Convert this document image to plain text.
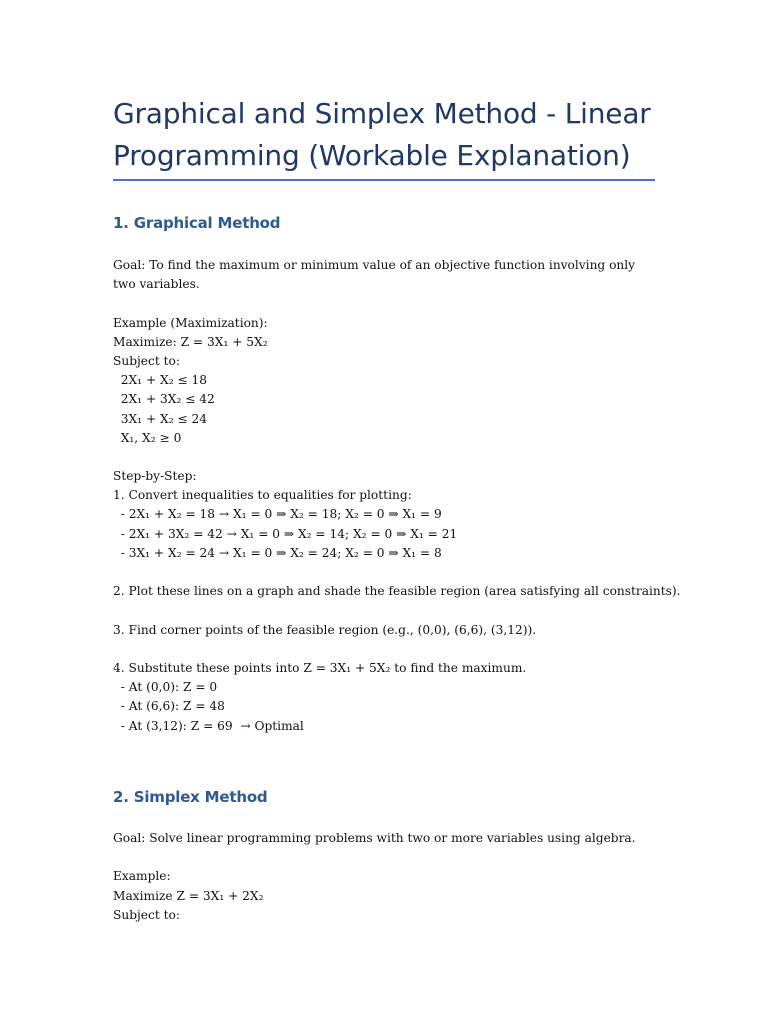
Graphical and Simplex Method - Linear Programming (Workable Explanation)
1. Graphical Method
Goal: To find the maximum or minimum value of an objective function involving only two variables.
Example (Maximization):
Maximize: Z = 3X₁ + 5X₂
Subject to:
2X₁ + X₂ ≤ 18
2X₁ + 3X₂ ≤ 42
3X₁ + X₂ ≤ 24
X₁, X₂ ≥ 0
Step-by-Step:
1. Convert inequalities to equalities for plotting:
- 2X₁ + X₂ = 18 → X₁ = 0 ⇒ X₂ = 18; X₂ = 0 ⇒ X₁ = 9
- 2X₁ + 3X₂ = 42 → X₁ = 0 ⇒ X₂ = 14; X₂ = 0 ⇒ X₁ = 21
- 3X₁ + X₂ = 24 → X₁ = 0 ⇒ X₂ = 24; X₂ = 0 ⇒ X₁ = 8
2. Plot these lines on a graph and shade the feasible region (area satisfying all constraints).
3. Find corner points of the feasible region (e.g., (0,0), (6,6), (3,12)).
4. Substitute these points into Z = 3X₁ + 5X₂ to find the maximum.
- At (0,0): Z = 0
- At (6,6): Z = 48
- At (3,12): Z = 69  → Optimal
2. Simplex Method
Goal: Solve linear programming problems with two or more variables using algebra.
Example:
Maximize Z = 3X₁ + 2X₂
Subject to:
